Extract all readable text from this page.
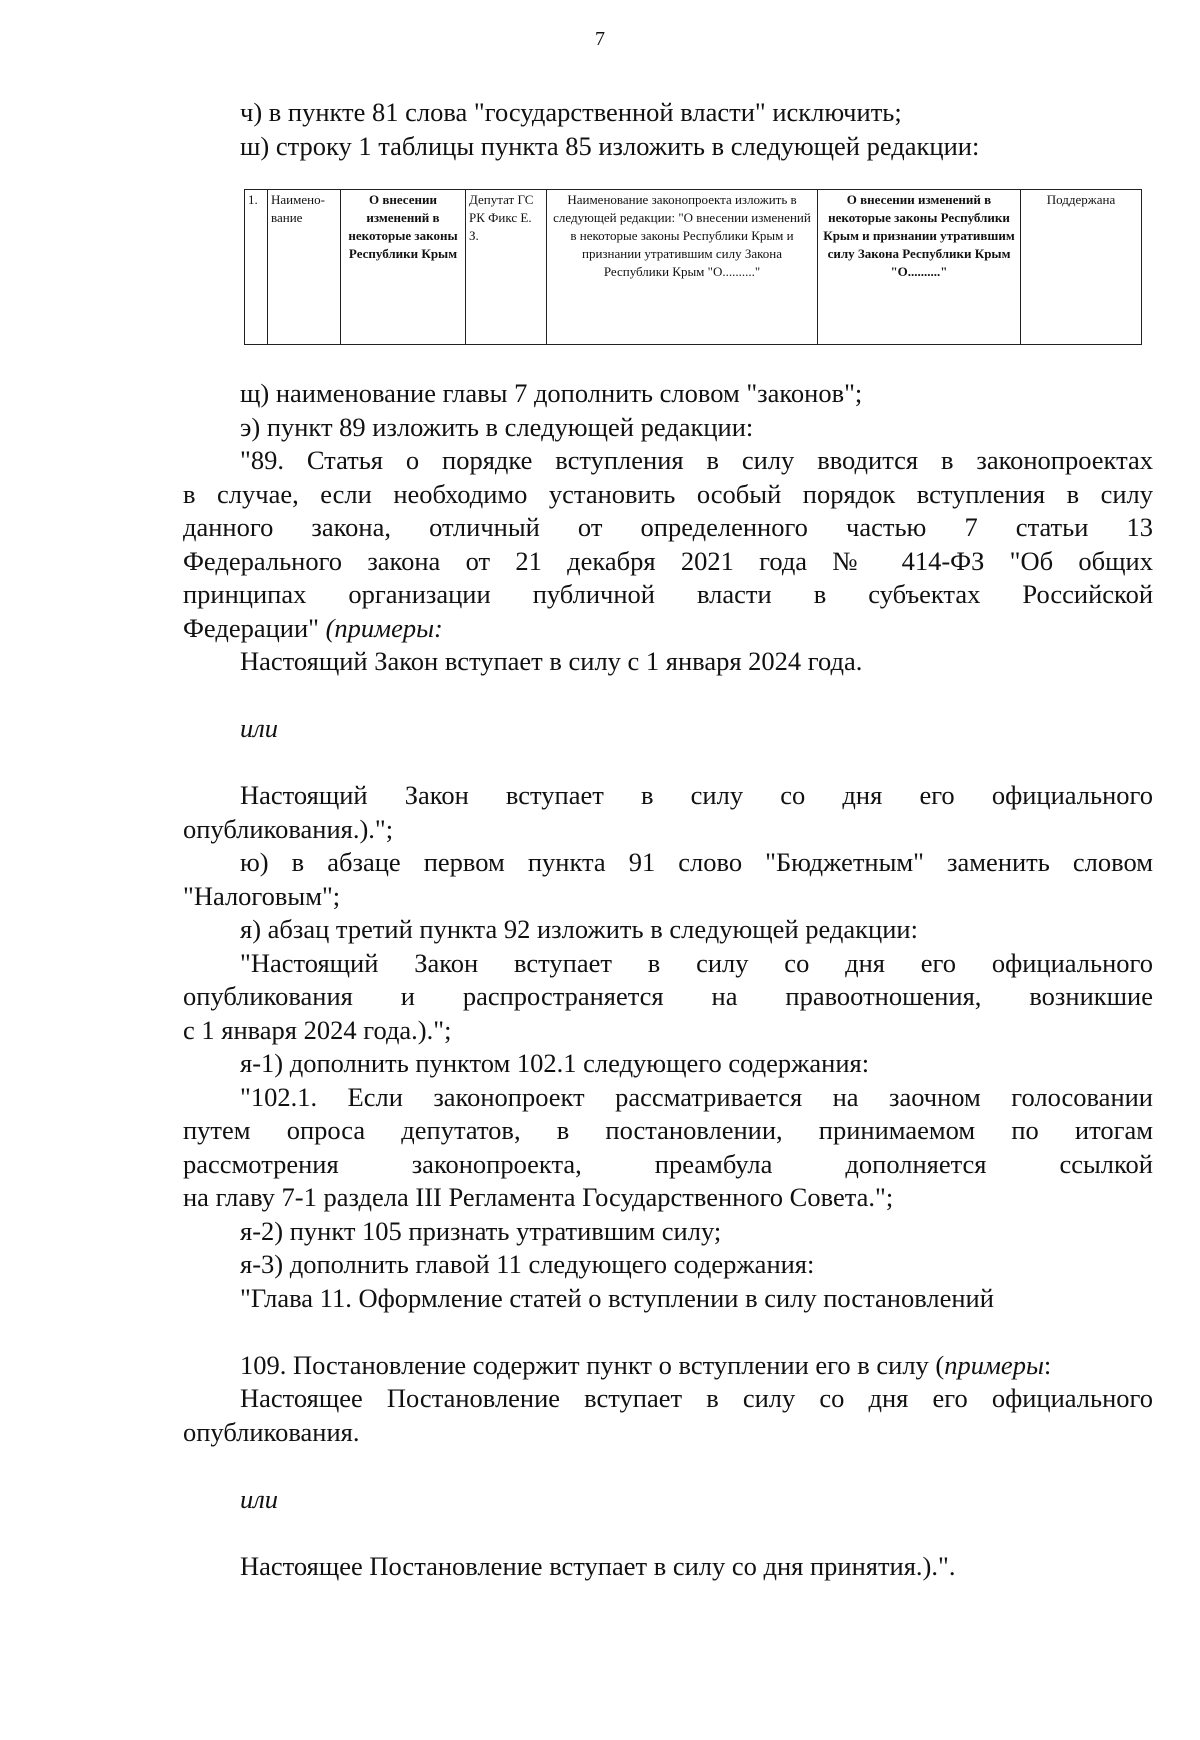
7

ч) в пункте 81 слова "государственной власти" исключить;

ш) строку 1 таблицы пункта 85 изложить в следующей редакции:

1.	Наимено-вание	О внесении изменений в некоторые законы Республики Крым	Депутат ГС РК Фикс Е. З.	Наименование законопроекта изложить в следующей редакции: "О внесении изменений в некоторые законы Республики Крым и признании утратившим силу Закона Республики Крым "О.........."	О внесении изменений в некоторые законы Республики Крым и признании утратившим силу Закона Республики Крым "О.........."	Поддержана

щ) наименование главы 7 дополнить словом "законов";

э) пункт 89 изложить в следующей редакции:

"89. Статья о порядке вступления в силу вводится в законопроектах

в случае, если необходимо установить особый порядок вступления в силу

данного закона, отличный от определенного частью 7 статьи 13

Федерального закона от 21 декабря 2021 года № 414-ФЗ "Об общих

принципах организации публичной власти в субъектах Российской

Федерации" (примеры:

Настоящий Закон вступает в силу с 1 января 2024 года.

или

Настоящий Закон вступает в силу со дня его официального

опубликования.).";

ю) в абзаце первом пункта 91 слово "Бюджетным" заменить словом

"Налоговым";

я) абзац третий пункта 92 изложить в следующей редакции:

"Настоящий Закон вступает в силу со дня его официального

опубликования и распространяется на правоотношения, возникшие

с 1 января 2024 года.).";

я-1) дополнить пунктом 102.1 следующего содержания:

"102.1. Если законопроект рассматривается на заочном голосовании

путем опроса депутатов, в постановлении, принимаемом по итогам

рассмотрения законопроекта, преамбула дополняется ссылкой

на главу 7-1 раздела III Регламента Государственного Совета.";

я-2) пункт 105 признать утратившим силу;

я-3) дополнить главой 11 следующего содержания:

"Глава 11. Оформление статей о вступлении в силу постановлений

109. Постановление содержит пункт о вступлении его в силу (примеры:

Настоящее Постановление вступает в силу со дня его официального

опубликования.

или

Настоящее Постановление вступает в силу со дня принятия.).".
